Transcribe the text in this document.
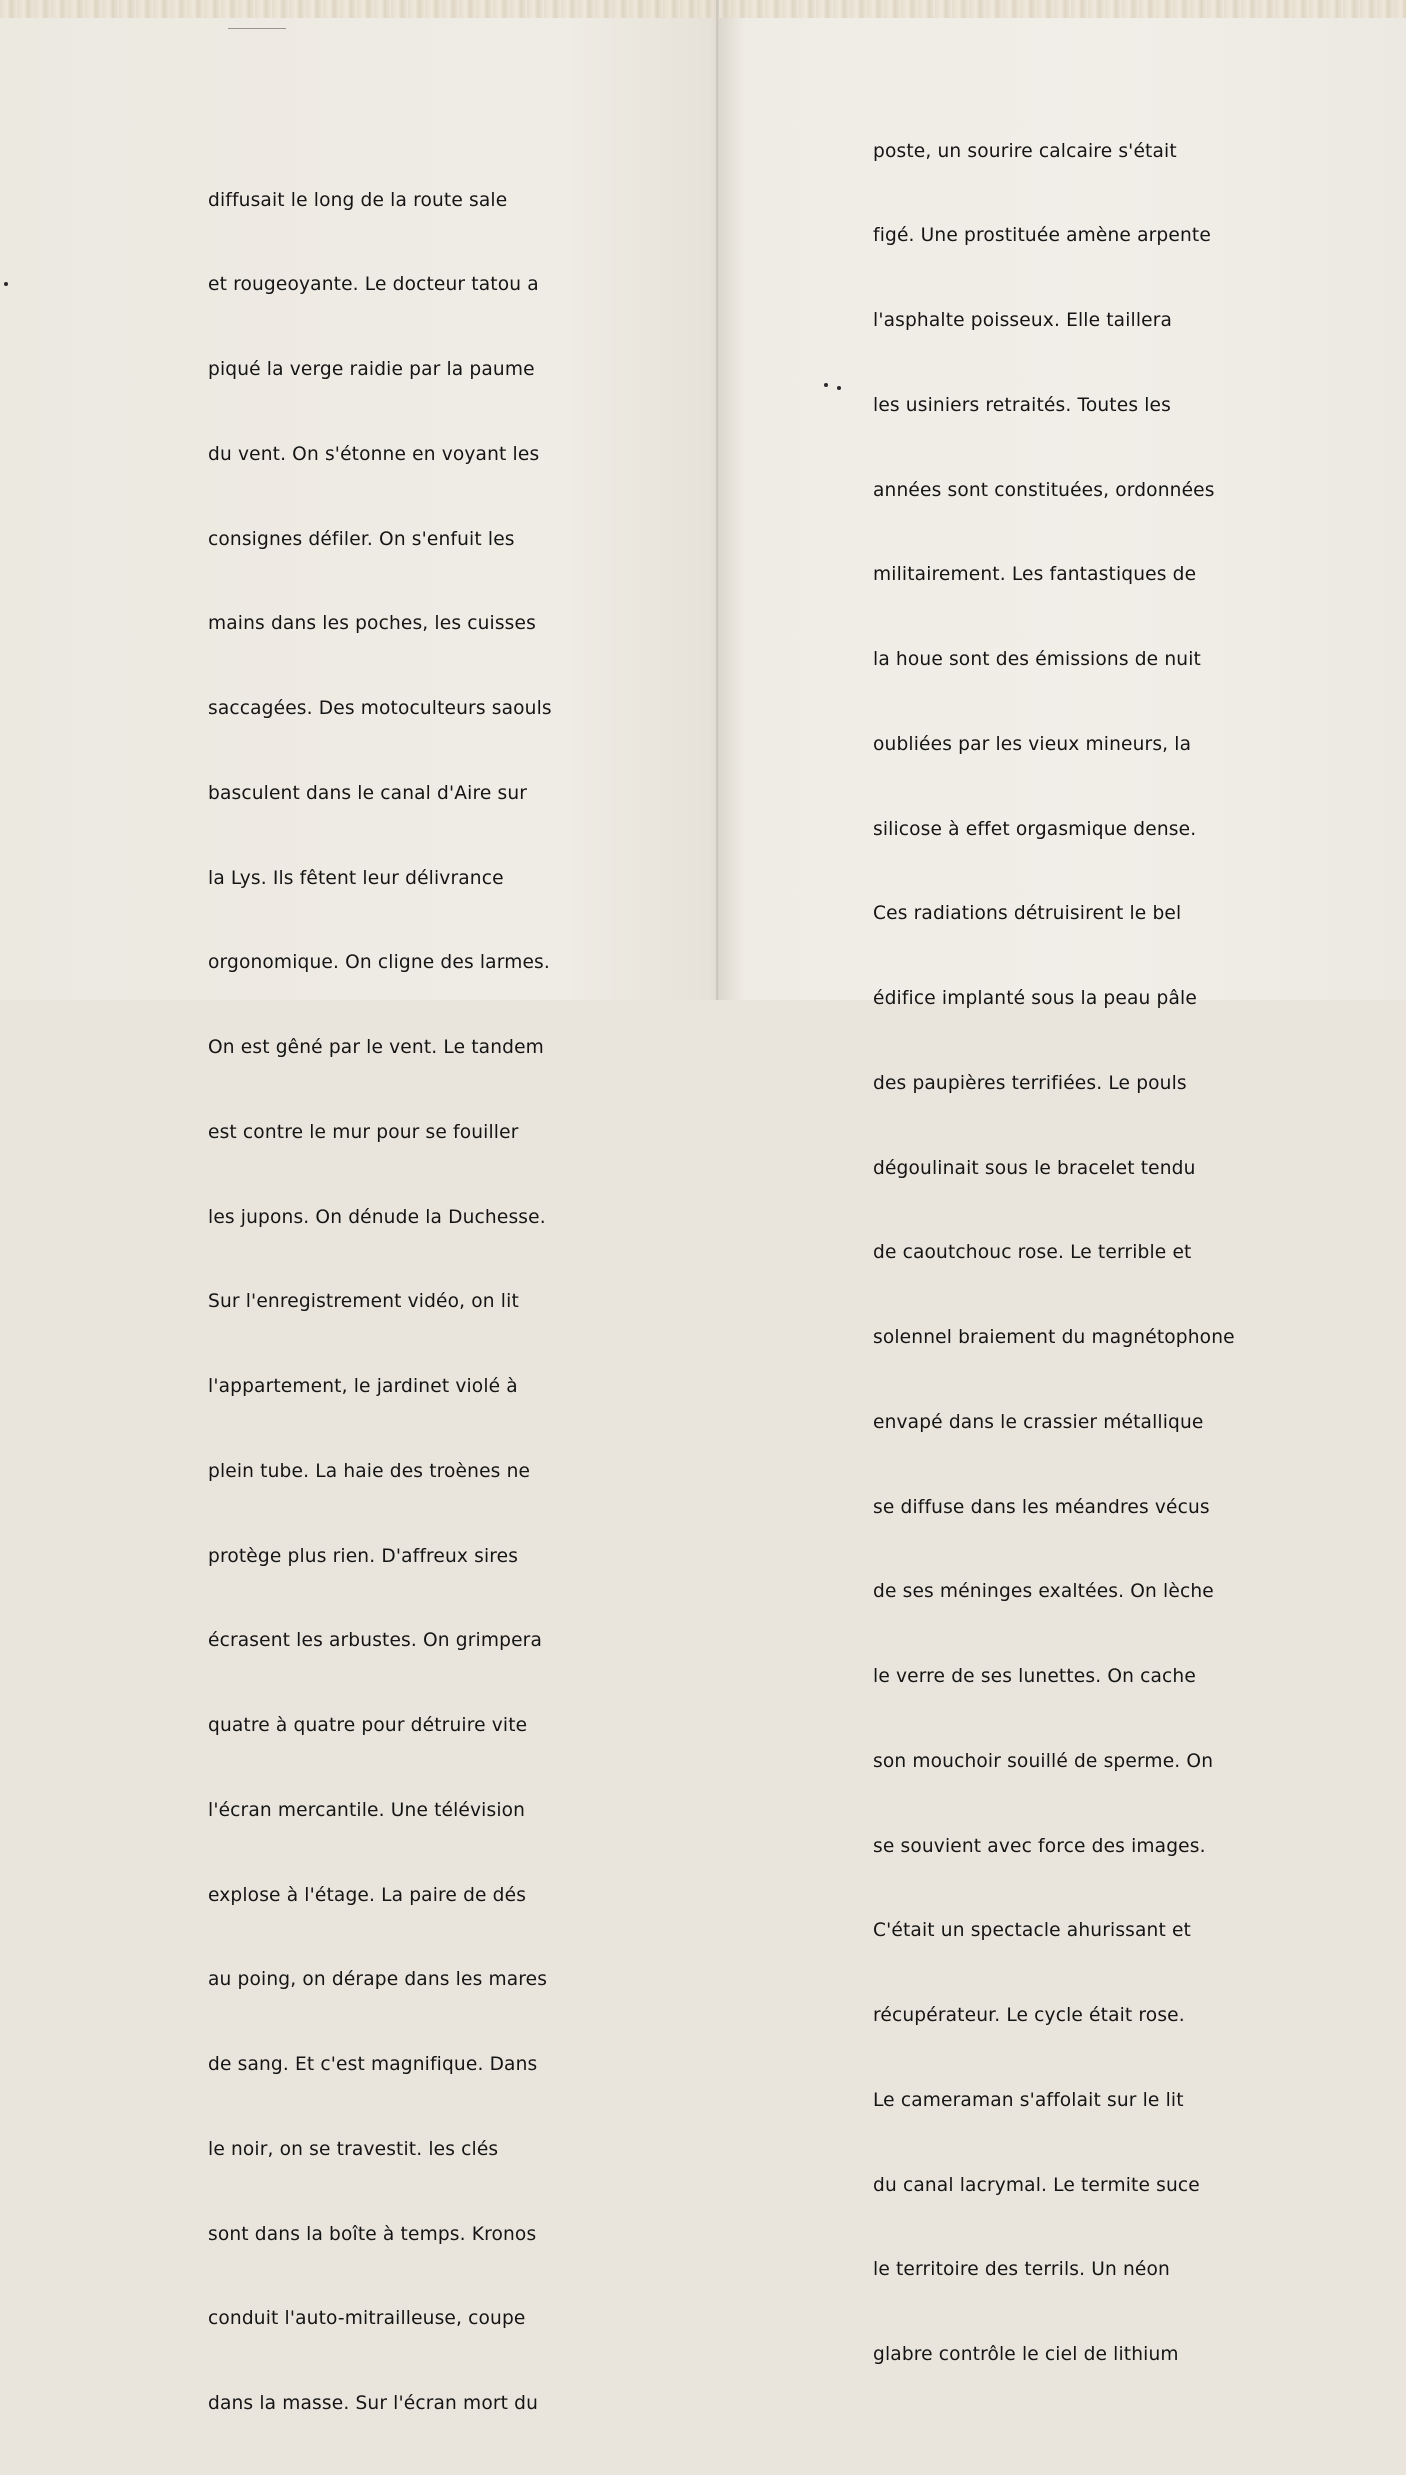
diffusait le long de la route sale

et rougeoyante. Le docteur tatou a

piqué la verge raidie par la paume

du vent. On s'étonne en voyant les

consignes défiler. On s'enfuit les

mains dans les poches, les cuisses

saccagées. Des motoculteurs saouls

basculent dans le canal d'Aire sur

la Lys. Ils fêtent leur délivrance

orgonomique. On cligne des larmes.

On est gêné par le vent. Le tandem

est contre le mur pour se fouiller

les jupons. On dénude la Duchesse.

Sur l'enregistrement vidéo, on lit

l'appartement, le jardinet violé à

plein tube. La haie des troènes ne

protège plus rien. D'affreux sires

écrasent les arbustes. On grimpera

quatre à quatre pour détruire vite

l'écran mercantile. Une télévision

explose à l'étage. La paire de dés

au poing, on dérape dans les mares

de sang. Et c'est magnifique. Dans

le noir, on se travestit. les clés

sont dans la boîte à temps. Kronos

conduit l'auto-mitrailleuse, coupe

dans la masse. Sur l'écran mort du

poste, un sourire calcaire s'était

figé. Une prostituée amène arpente

l'asphalte poisseux. Elle taillera

les usiniers retraités. Toutes les

années sont constituées, ordonnées

militairement. Les fantastiques de

la houe sont des émissions de nuit

oubliées par les vieux mineurs, la

silicose à effet orgasmique dense.

Ces radiations détruisirent le bel

édifice implanté sous la peau pâle

des paupières terrifiées. Le pouls

dégoulinait sous le bracelet tendu

de caoutchouc rose. Le terrible et

solennel braiement du magnétophone

envapé dans le crassier métallique

se diffuse dans les méandres vécus

de ses méninges exaltées. On lèche

le verre de ses lunettes. On cache

son mouchoir souillé de sperme. On

se souvient avec force des images.

C'était un spectacle ahurissant et

récupérateur. Le cycle était rose.

Le cameraman s'affolait sur le lit

du canal lacrymal. Le termite suce

le territoire des terrils. Un néon

glabre contrôle le ciel de lithium
